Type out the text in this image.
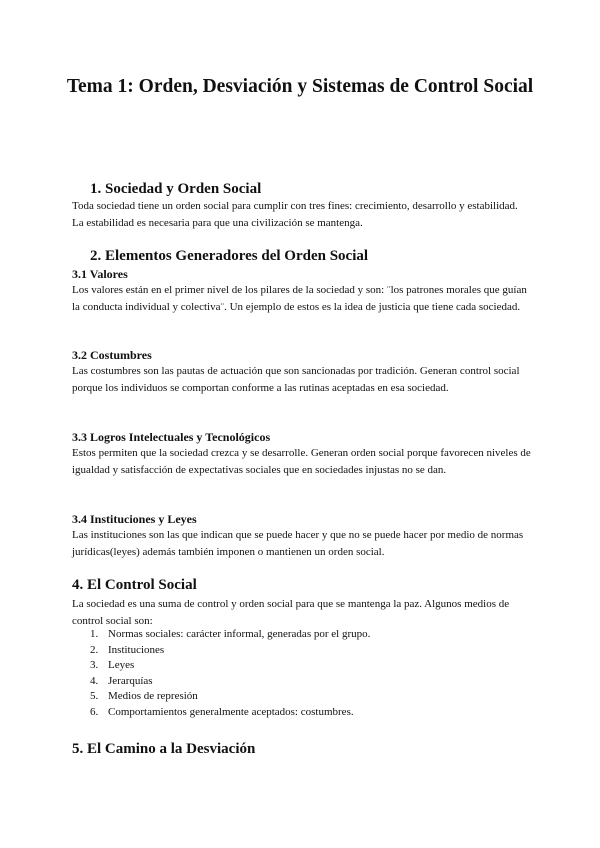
Tema 1: Orden, Desviación y Sistemas de Control Social
1. Sociedad y Orden Social

Toda sociedad tiene un orden social para cumplir con tres fines: crecimiento, desarrollo y estabilidad. La estabilidad es necesaria para que una civilización se mantenga.

2. Elementos Generadores del Orden Social
3.1 Valores

Los valores están en el primer nivel de los pilares de la sociedad y son: ¨los patrones morales que guían la conducta individual y colectiva¨. Un ejemplo de estos es la idea de justicia que tiene cada sociedad.

3.2 Costumbres

Las costumbres son las pautas de actuación que son sancionadas por tradición. Generan control social porque los individuos se comportan conforme a las rutinas aceptadas en esa sociedad.

3.3 Logros Intelectuales y Tecnológicos

Estos permiten que la sociedad crezca y se desarrolle. Generan orden social porque favorecen niveles de igualdad y satisfacción de expectativas sociales que en sociedades injustas no se dan.

3.4 Instituciones y Leyes

Las instituciones son las que indican que se puede hacer y que no se puede hacer por medio de normas jurídicas(leyes) además también imponen o mantienen un orden social.

4. El Control Social

La sociedad es una suma de control y orden social para que se mantenga la paz. Algunos medios de control social son:

1. Normas sociales: carácter informal, generadas por el grupo.
2. Instituciones
3. Leyes
4. Jerarquías
5. Medios de represión
6. Comportamientos generalmente aceptados: costumbres.
5. El Camino a la Desviación
